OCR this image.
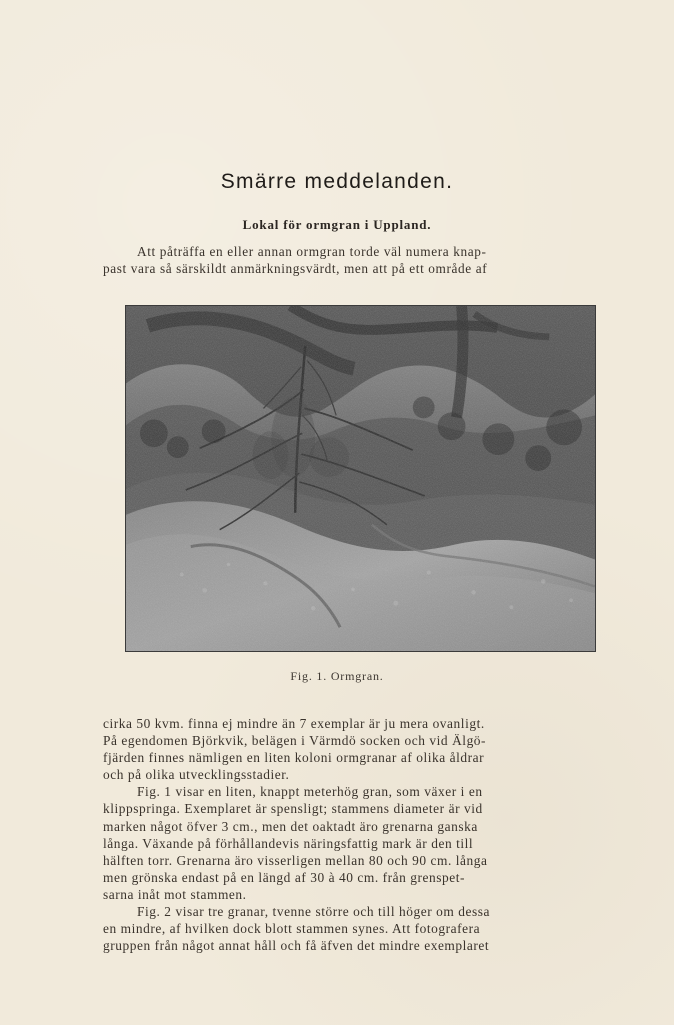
Smärre meddelanden.
Lokal för ormgran i Uppland.
Att påträffa en eller annan ormgran torde väl numera knap-
past vara så särskildt anmärkningsvärdt, men att på ett område af
Fig. 1. Ormgran.
cirka 50 kvm. finna ej mindre än 7 exemplar är ju mera ovanligt.
På egendomen Björkvik, belägen i Värmdö socken och vid Älgö-
fjärden finnes nämligen en liten koloni ormgranar af olika åldrar
och på olika utvecklingsstadier.
Fig. 1 visar en liten, knappt meterhög gran, som växer i en
klippspringa. Exemplaret är spensligt; stammens diameter är vid
marken något öfver 3 cm., men det oaktadt äro grenarna ganska
långa. Växande på förhållandevis näringsfattig mark är den till
hälften torr. Grenarna äro visserligen mellan 80 och 90 cm. långa
men grönska endast på en längd af 30 à 40 cm. från grenspet-
sarna inåt mot stammen.
Fig. 2 visar tre granar, tvenne större och till höger om dessa
en mindre, af hvilken dock blott stammen synes. Att fotografera
gruppen från något annat håll och få äfven det mindre exemplaret
